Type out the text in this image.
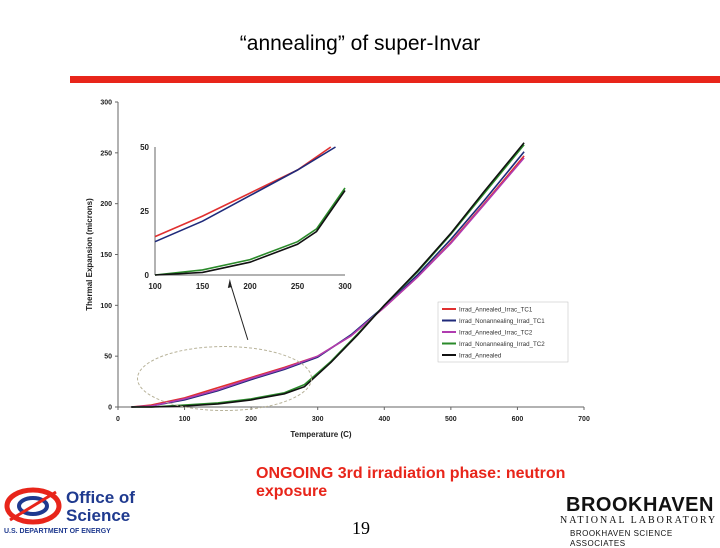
“annealing” of super-Invar
0	100	200	300	400	500	600	700
0
50
100
150
200
250
300
Temperature (C)
Thermal Expansion (microns)	100	150	200	250	300
0
25
50
Irrad_Annealed_Irrac_TC1
Irrad_Nonannealing_Irrad_TC1
Irrad_Annealed_Irrac_TC2
Irrad_Nonannealing_Irrad_TC2
Irrad_Annealed
ONGOING 3rd irradiation phase: neutron exposure
19
Office of
Science
U.S. DEPARTMENT OF ENERGY
BROOKHAVEN
NATIONAL LABORATORY
BROOKHAVEN SCIENCE
ASSOCIATES
